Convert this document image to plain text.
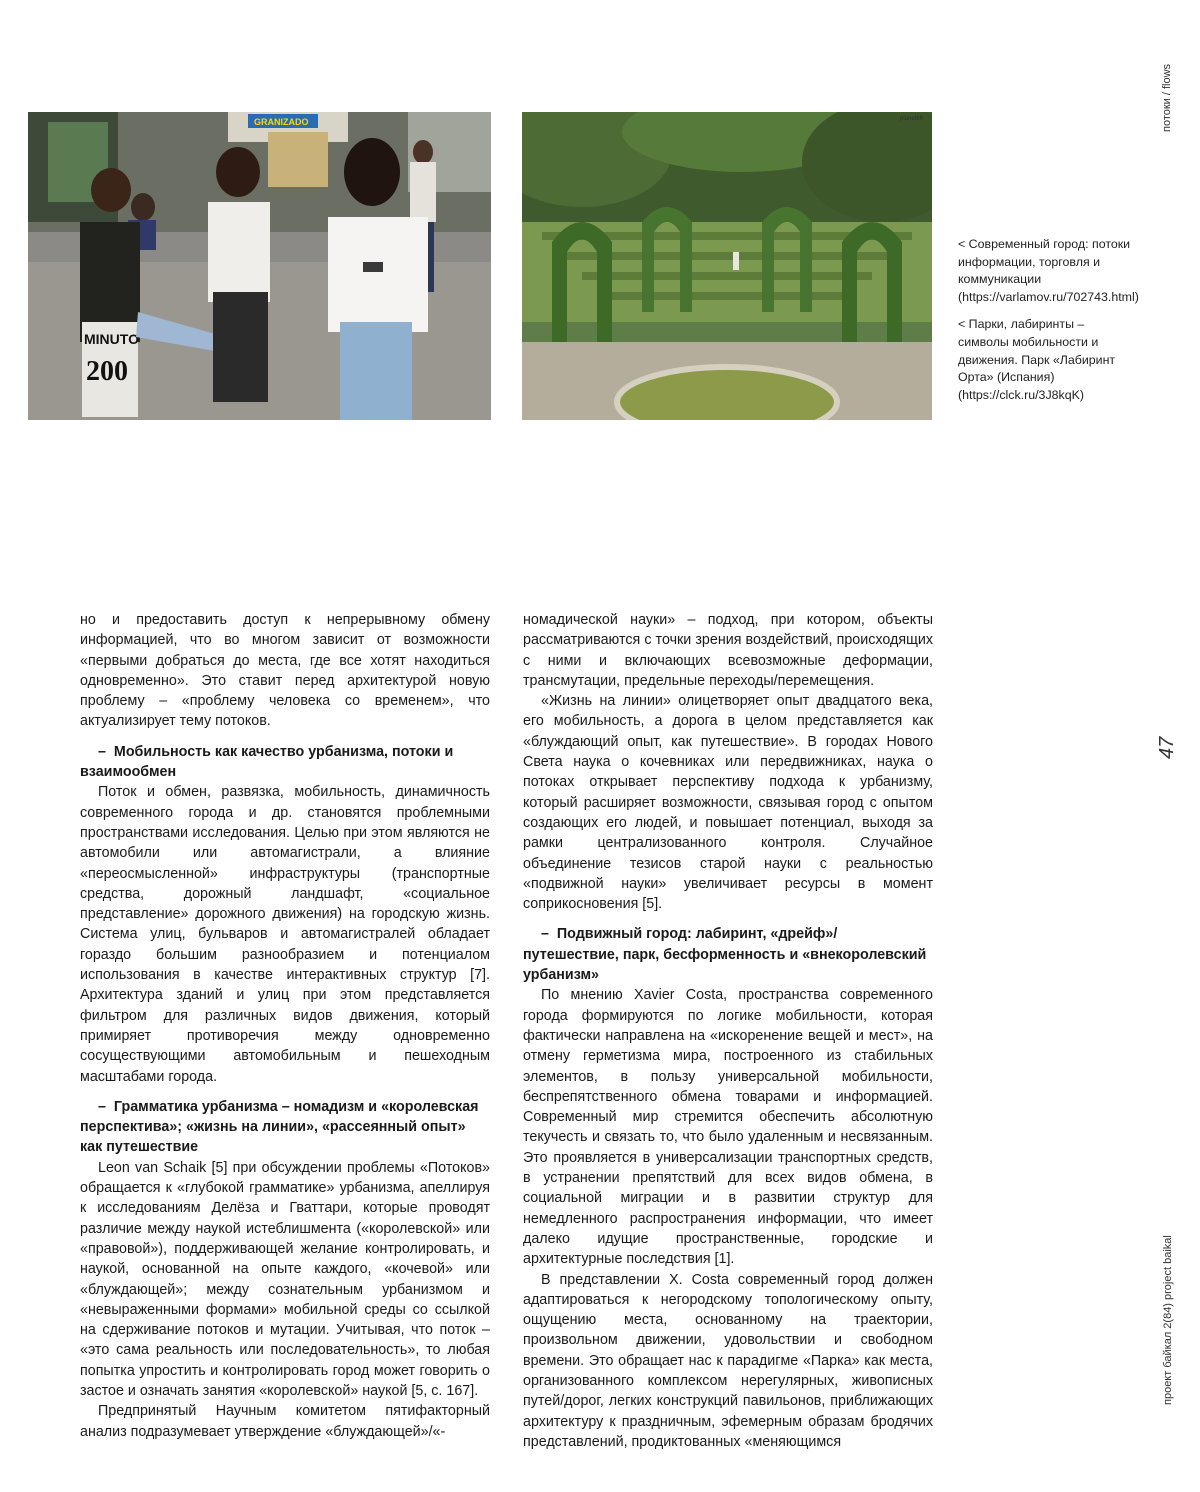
GRANIZADO
MINUTO
200
planet66

< Современный город: потоки информации, торговля и коммуникации (https://varlamov.ru/702743.html)

< Парки, лабиринты – символы мобильности и движения. Парк «Лабиринт Орта» (Испания) (https://clck.ru/3J8kqK)

потоки / flows
47
проект байкал 2(84) project baikal

но и предоставить доступ к непрерывному обмену информацией, что во многом зависит от возможности «первыми добраться до места, где все хотят находиться одновременно». Это ставит перед архитектурой новую проблему – «проблему человека со временем», что актуализирует тему потоков.

–  Мобильность как качество урбанизма, потоки и взаимообмен

Поток и обмен, развязка, мобильность, динамичность современного города и др. становятся проблемными пространствами исследования. Целью при этом являются не автомобили или автомагистрали, а влияние «переосмысленной» инфраструктуры (транспортные средства, дорожный ландшафт, «социальное представление» дорожного движения) на городскую жизнь. Система улиц, бульваров и автомагистралей обладает гораздо большим разнообразием и потенциалом использования в качестве интерактивных структур [7]. Архитектура зданий и улиц при этом представляется фильтром для различных видов движения, который примиряет противоречия между одновременно сосуществующими автомобильным и пешеходным масштабами города.

–  Грамматика урбанизма – номадизм и «королевская перспектива»; «жизнь на линии», «рассеянный опыт» как путешествие

Leon van Schaik [5] при обсуждении проблемы «Потоков» обращается к «глубокой грамматике» урбанизма, апеллируя к исследованиям Делёза и Гваттари, которые проводят различие между наукой истеблишмента («королевской» или «правовой»), поддерживающей желание контролировать, и наукой, основанной на опыте каждого, «кочевой» или «блуждающей»; между сознательным урбанизмом и «невыраженными формами» мобильной среды со ссылкой на сдерживание потоков и мутации. Учитывая, что поток – «это сама реальность или последовательность», то любая попытка упростить и контролировать город может говорить о застое и означать занятия «королевской» наукой [5, с. 167].

Предпринятый Научным комитетом пятифакторный анализ подразумевает утверждение «блуждающей»/«-

номадической науки» – подход, при котором, объекты рассматриваются с точки зрения воздействий, происходящих с ними и включающих всевозможные деформации, трансмутации, предельные переходы/перемещения.

«Жизнь на линии» олицетворяет опыт двадцатого века, его мобильность, а дорога в целом представляется как «блуждающий опыт, как путешествие». В городах Нового Света наука о кочевниках или передвижниках, наука о потоках открывает перспективу подхода к урбанизму, который расширяет возможности, связывая город с опытом создающих его людей, и повышает потенциал, выходя за рамки централизованного контроля. Случайное объединение тезисов старой науки с реальностью «подвижной науки» увеличивает ресурсы в момент соприкосновения [5].

–  Подвижный город: лабиринт, «дрейф»/путешествие, парк, бесформенность и «внекоролевский урбанизм»

По мнению Xavier Costa, пространства современного города формируются по логике мобильности, которая фактически направлена на «искоренение вещей и мест», на отмену герметизма мира, построенного из стабильных элементов, в пользу универсальной мобильности, беспрепятственного обмена товарами и информацией. Современный мир стремится обеспечить абсолютную текучесть и связать то, что было удаленным и несвязанным. Это проявляется в универсализации транспортных средств, в устранении препятствий для всех видов обмена, в социальной миграции и в развитии структур для немедленного распространения информации, что имеет далеко идущие пространственные, городские и архитектурные последствия [1].

В представлении X. Costa современный город должен адаптироваться к негородскому топологическому опыту, ощущению места, основанному на траектории, произвольном движении, удовольствии и свободном времени. Это обращает нас к парадигме «Парка» как места, организованного комплексом нерегулярных, живописных путей/дорог, легких конструкций павильонов, приближающих архитектуру к праздничным, эфемерным образам бродячих представлений, продиктованных «меняющимся
